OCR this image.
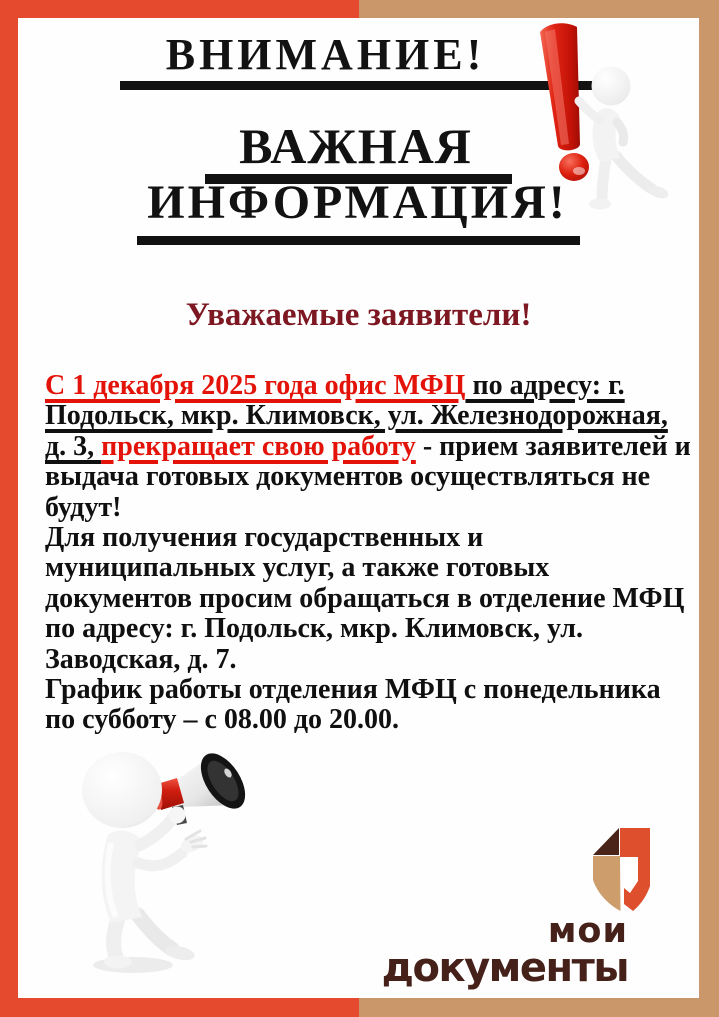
ВНИМАНИЕ!
ВАЖНАЯ
ИНФОРМАЦИЯ!
Уважаемые заявители!
С 1 декабря 2025 года офис МФЦ по адресу: г.
Подольск, мкр. Климовск, ул. Железнодорожная,
д. 3, прекращает свою работу - прием заявителей и
выдача готовых документов осуществляться не
будут!
Для получения государственных и
муниципальных услуг, а также готовых
документов просим обращаться в отделение МФЦ
по адресу: г. Подольск, мкр. Климовск, ул.
Заводская, д. 7.
График работы отделения МФЦ с понедельника
по субботу – с 08.00 до 20.00.
мои
документы
